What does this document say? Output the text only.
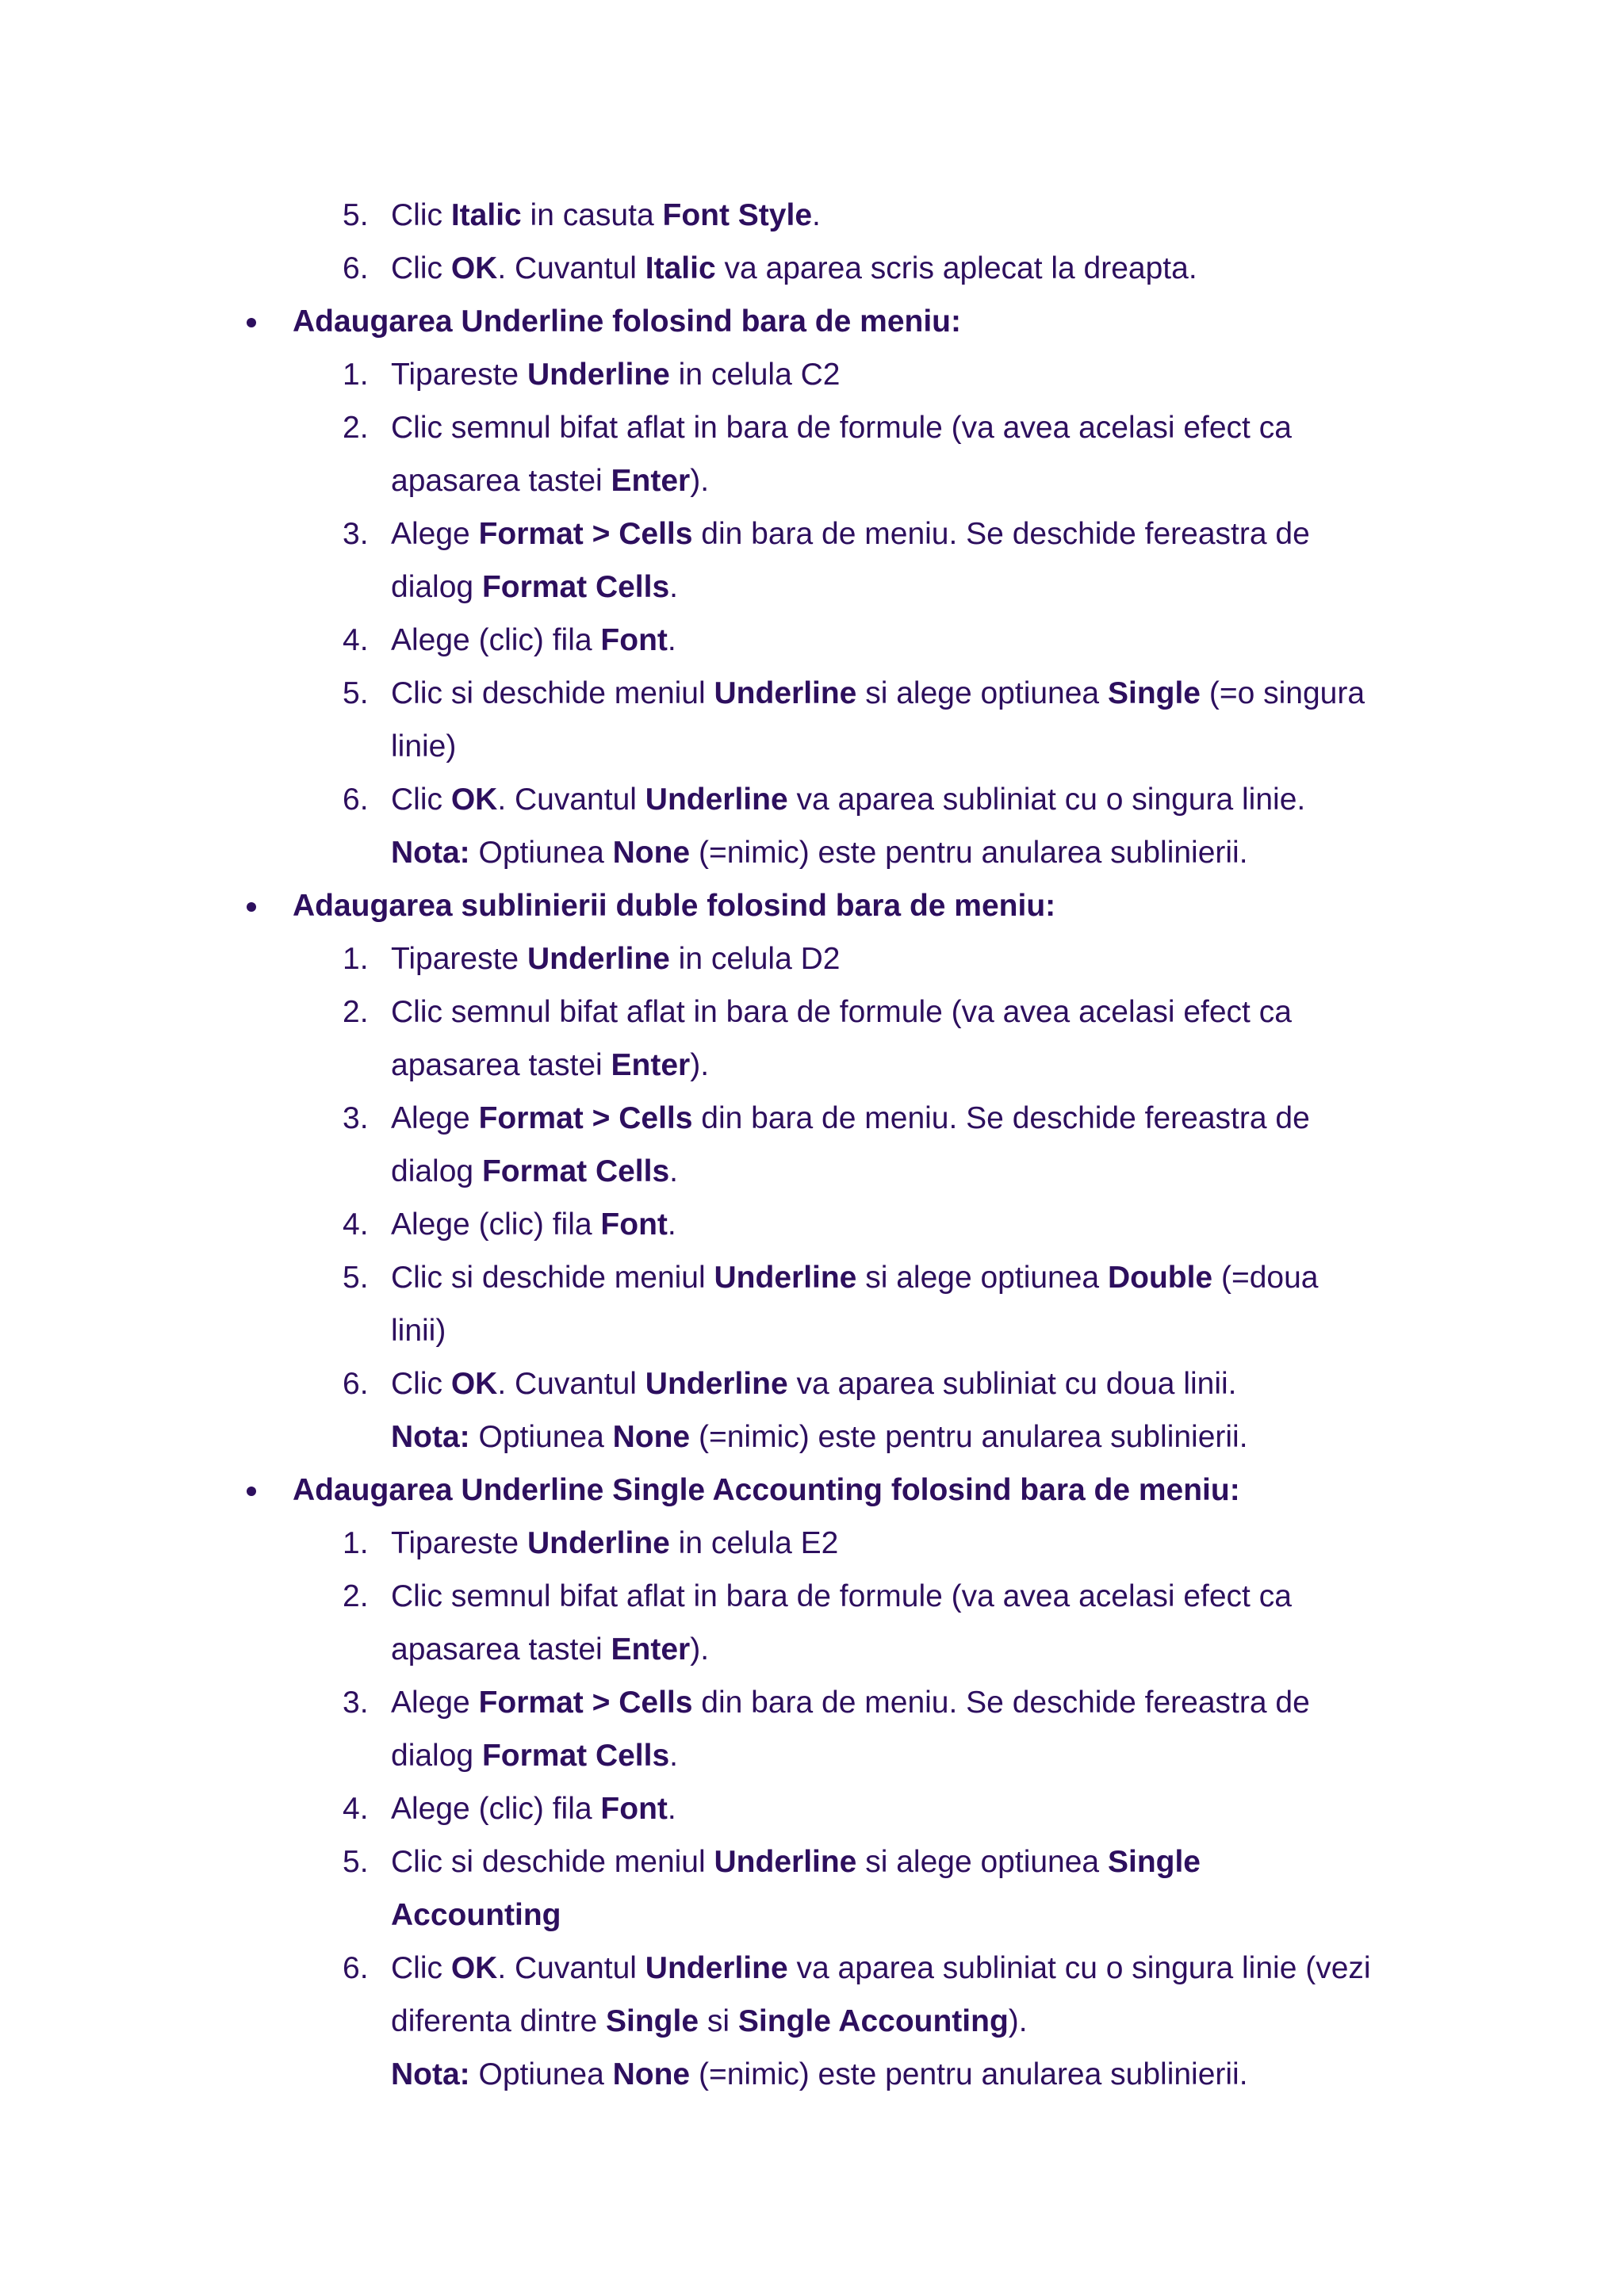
5. Clic Italic in casuta Font Style.
6. Clic OK. Cuvantul Italic va aparea scris aplecat la dreapta.
Adaugarea Underline folosind bara de meniu:
1. Tipareste Underline in celula C2
2. Clic semnul bifat aflat in bara de formule (va avea acelasi efect ca
apasarea tastei Enter).
3. Alege Format > Cells din bara de meniu. Se deschide fereastra de
dialog Format Cells.
4. Alege (clic) fila Font.
5. Clic si deschide meniul Underline si alege optiunea Single (=o singura
linie)
6. Clic OK. Cuvantul Underline va aparea subliniat cu o singura linie.
Nota: Optiunea None (=nimic) este pentru anularea sublinierii.
Adaugarea sublinierii duble folosind bara de meniu:
1. Tipareste Underline in celula D2
2. Clic semnul bifat aflat in bara de formule (va avea acelasi efect ca
apasarea tastei Enter).
3. Alege Format > Cells din bara de meniu. Se deschide fereastra de
dialog Format Cells.
4. Alege (clic) fila Font.
5. Clic si deschide meniul Underline si alege optiunea Double (=doua
linii)
6. Clic OK. Cuvantul Underline va aparea subliniat cu doua linii.
Nota: Optiunea None (=nimic) este pentru anularea sublinierii.
Adaugarea Underline Single Accounting folosind bara de meniu:
1. Tipareste Underline in celula E2
2. Clic semnul bifat aflat in bara de formule (va avea acelasi efect ca
apasarea tastei Enter).
3. Alege Format > Cells din bara de meniu. Se deschide fereastra de
dialog Format Cells.
4. Alege (clic) fila Font.
5. Clic si deschide meniul Underline si alege optiunea Single
Accounting
6. Clic OK. Cuvantul Underline va aparea subliniat cu o singura linie (vezi
diferenta dintre Single si Single Accounting).
Nota: Optiunea None (=nimic) este pentru anularea sublinierii.
